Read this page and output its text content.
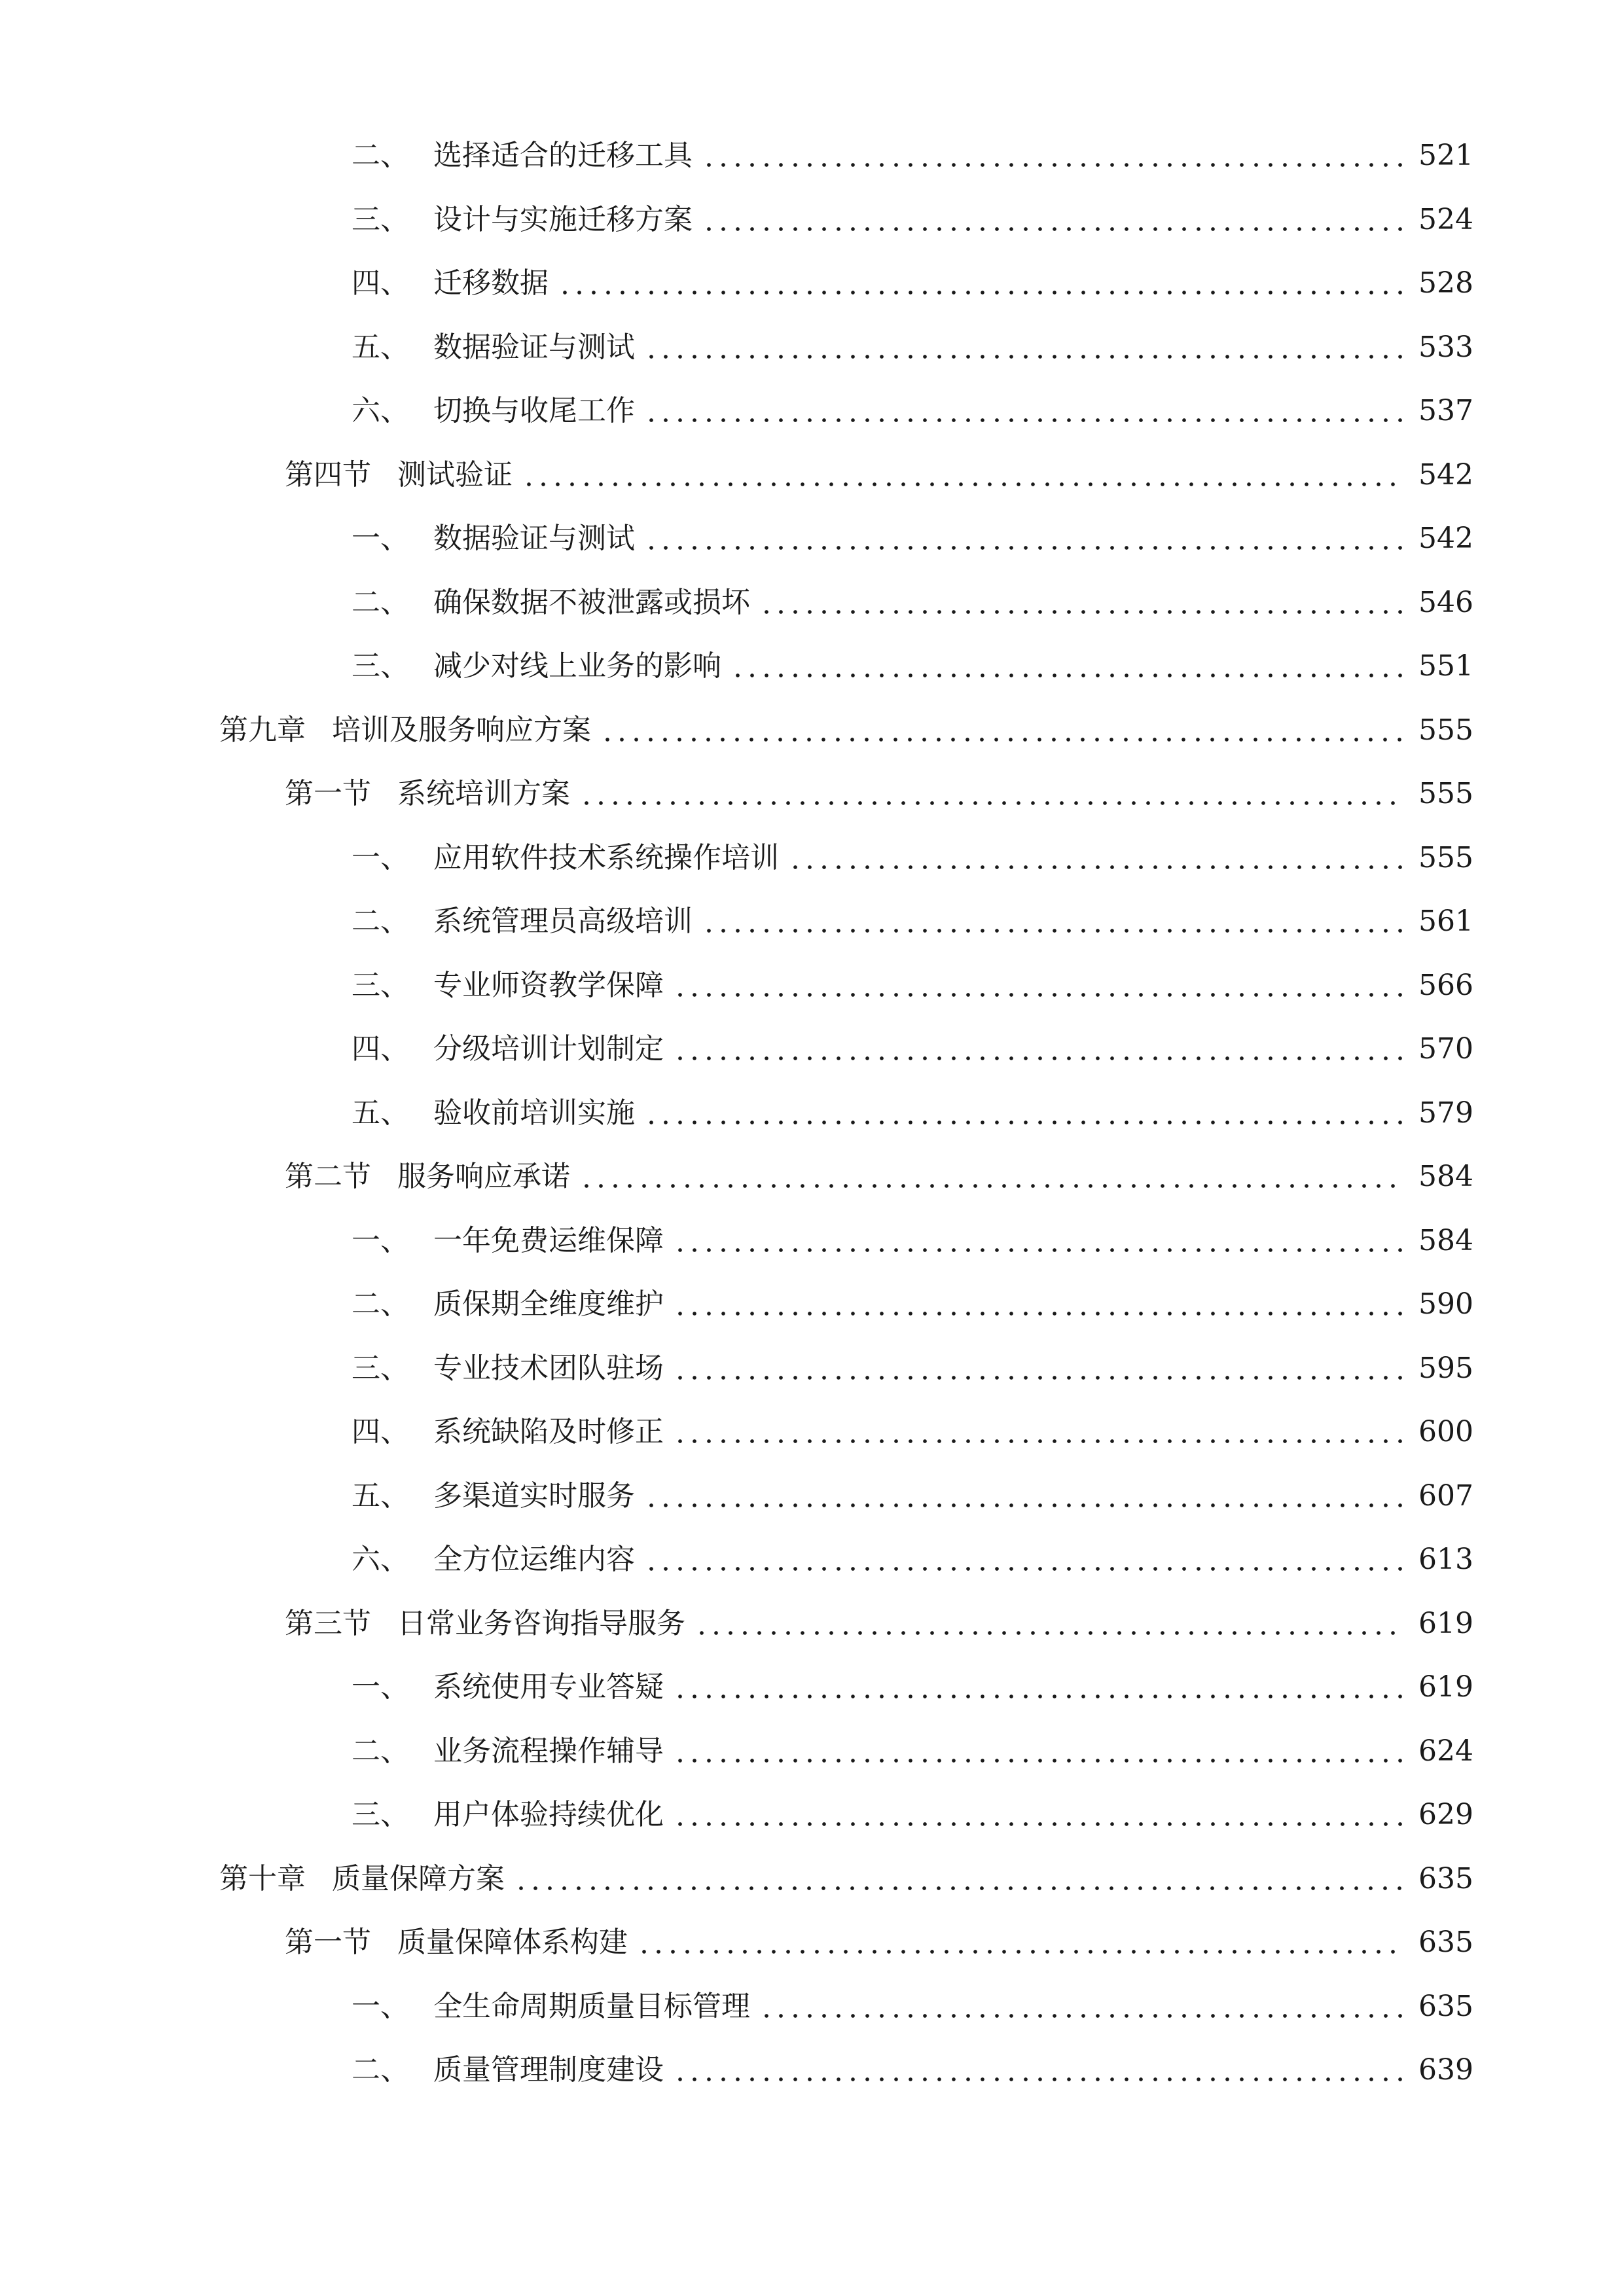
二、 选择适合的迁移工具	521
三、 设计与实施迁移方案	524
四、 迁移数据	528
五、 数据验证与测试	533
六、 切换与收尾工作	537
第四节 测试验证	542
一、 数据验证与测试	542
二、 确保数据不被泄露或损坏	546
三、 减少对线上业务的影响	551
第九章 培训及服务响应方案	555
第一节 系统培训方案	555
一、 应用软件技术系统操作培训	555
二、 系统管理员高级培训	561
三、 专业师资教学保障	566
四、 分级培训计划制定	570
五、 验收前培训实施	579
第二节 服务响应承诺	584
一、 一年免费运维保障	584
二、 质保期全维度维护	590
三、 专业技术团队驻场	595
四、 系统缺陷及时修正	600
五、 多渠道实时服务	607
六、 全方位运维内容	613
第三节 日常业务咨询指导服务	619
一、 系统使用专业答疑	619
二、 业务流程操作辅导	624
三、 用户体验持续优化	629
第十章 质量保障方案	635
第一节 质量保障体系构建	635
一、 全生命周期质量目标管理	635
二、 质量管理制度建设	639
